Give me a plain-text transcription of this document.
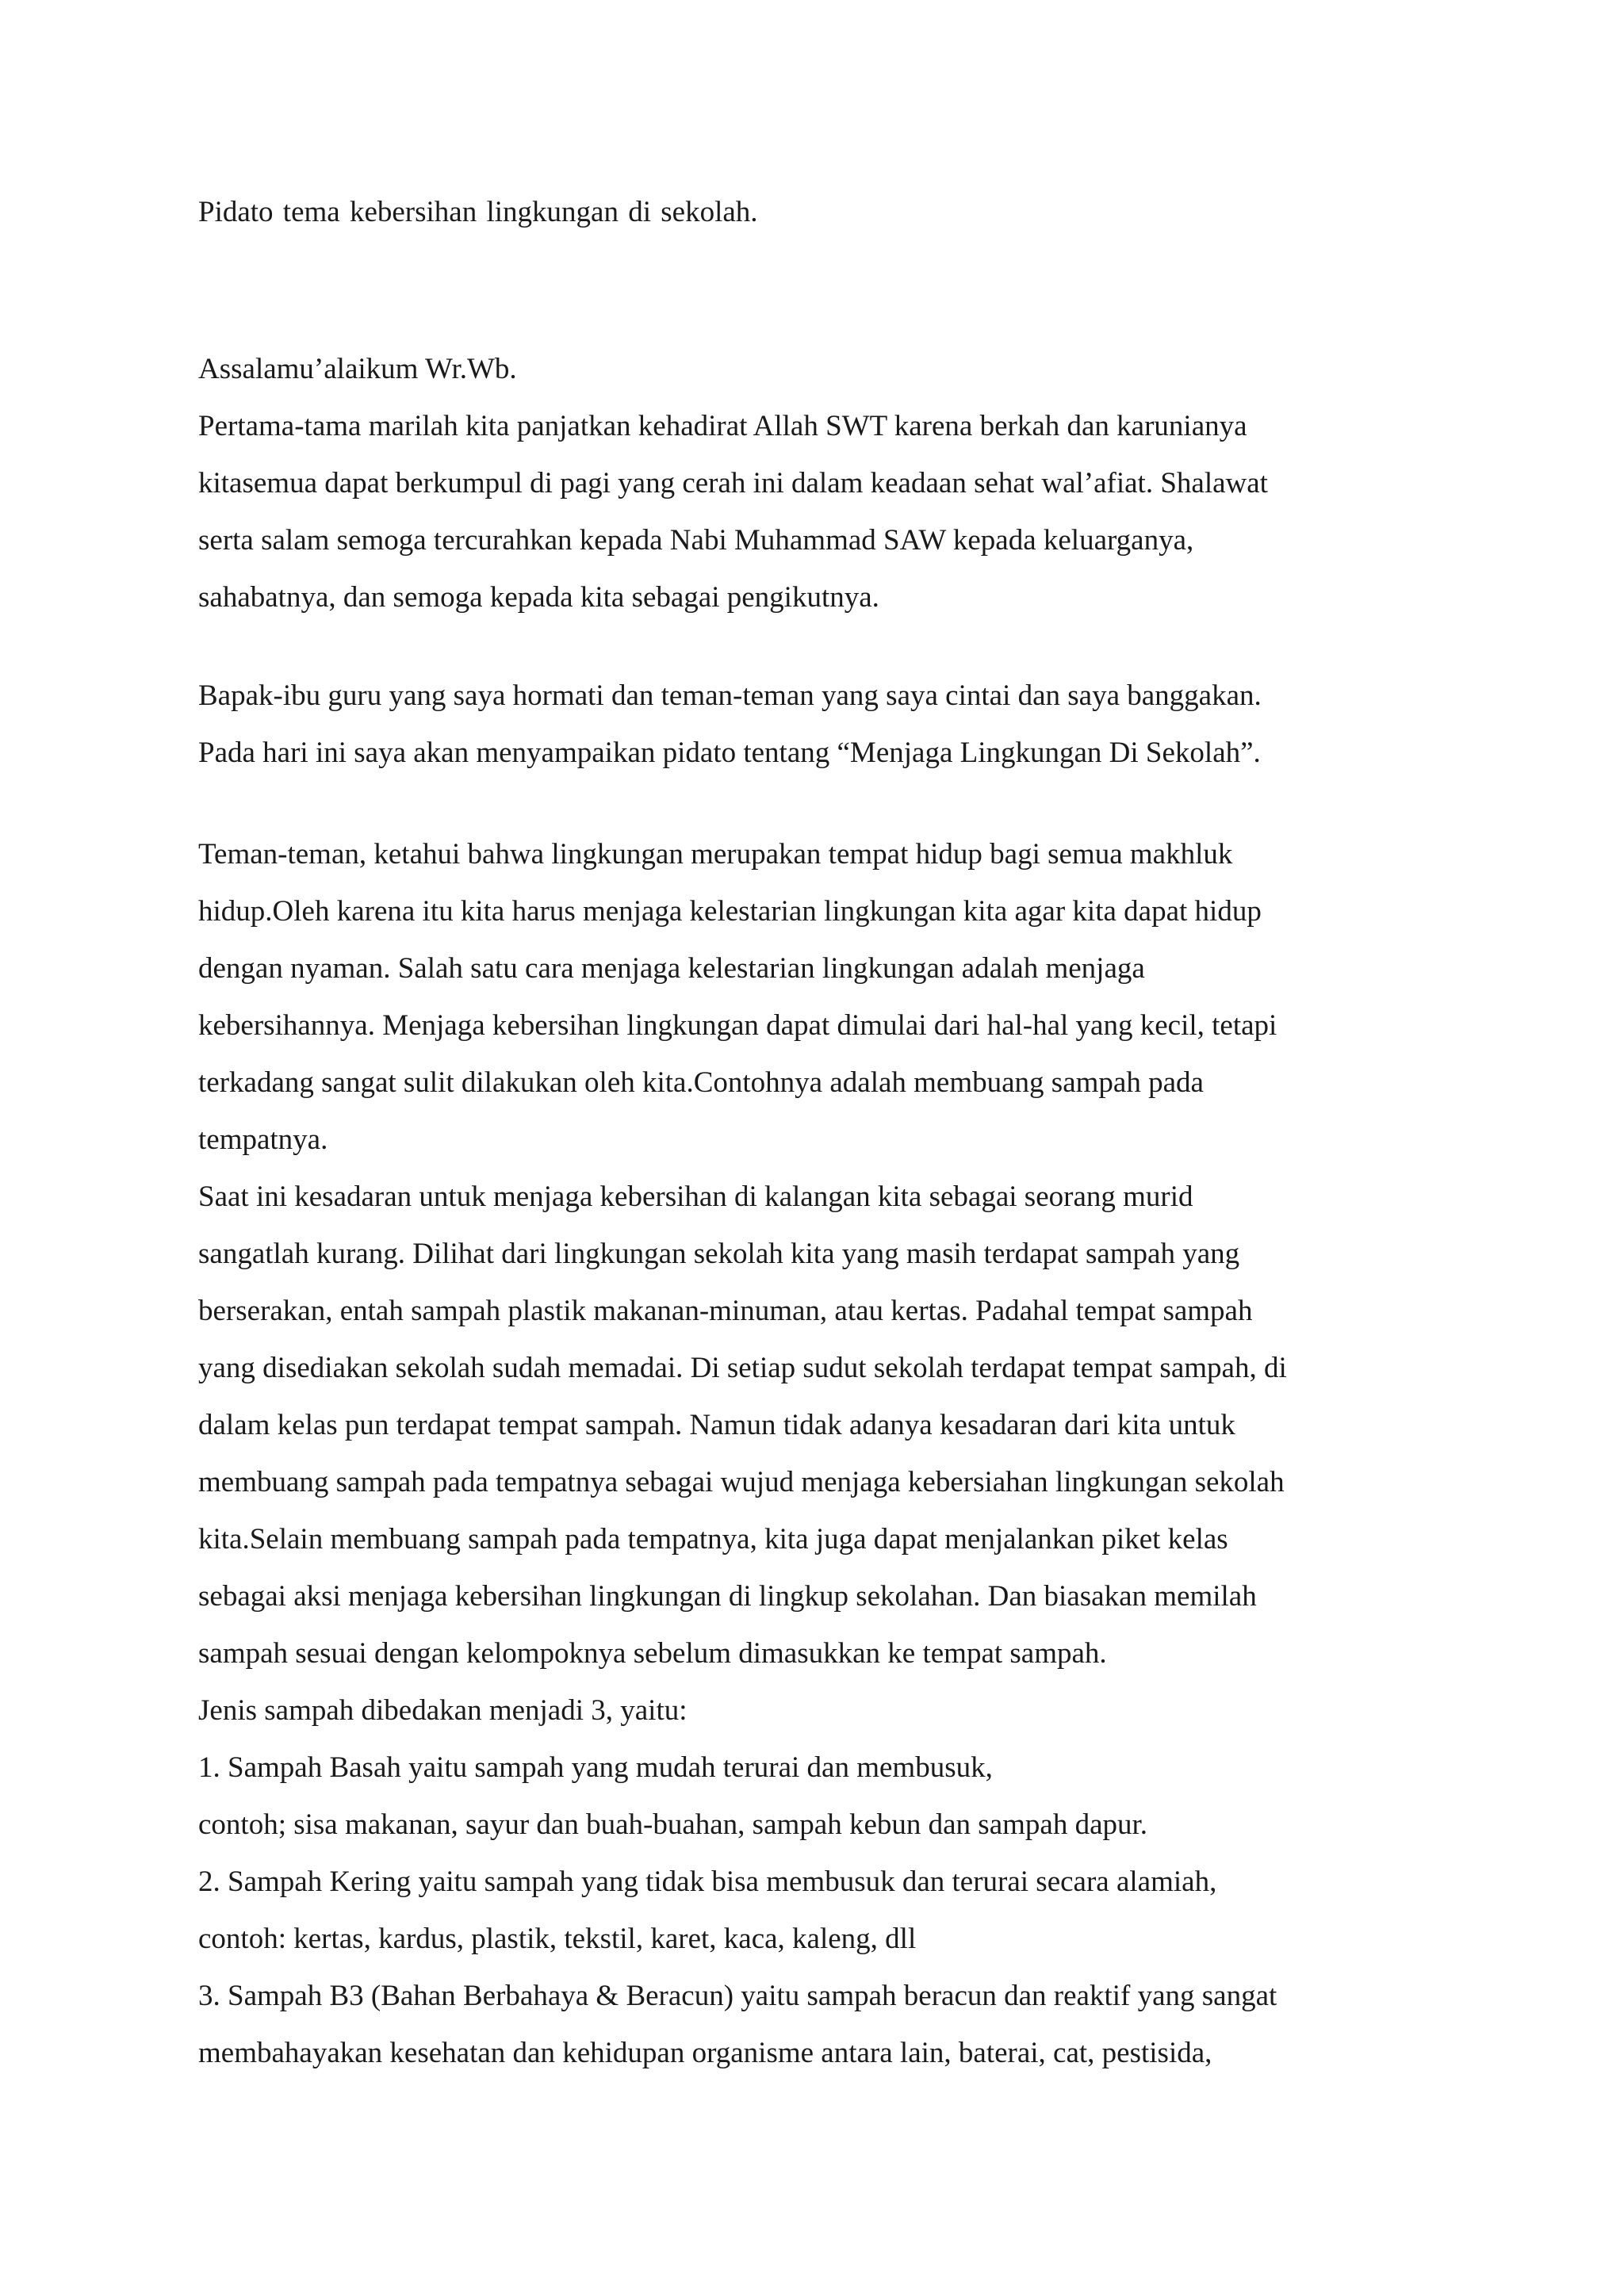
Pidato tema kebersihan lingkungan di sekolah.
Assalamu’alaikum Wr.Wb.
Pertama-tama marilah kita panjatkan kehadirat Allah SWT karena berkah dan karunianya
kitasemua dapat berkumpul di pagi yang cerah ini dalam keadaan sehat wal’afiat. Shalawat
serta salam semoga tercurahkan kepada Nabi Muhammad SAW kepada keluarganya,
sahabatnya, dan semoga kepada kita sebagai pengikutnya.
Bapak-ibu guru yang saya hormati dan teman-teman yang saya cintai dan saya banggakan.
Pada hari ini saya akan menyampaikan pidato tentang “Menjaga Lingkungan Di Sekolah”.
Teman-teman, ketahui bahwa lingkungan merupakan tempat hidup bagi semua makhluk
hidup.Oleh karena itu kita harus menjaga kelestarian lingkungan kita agar kita dapat hidup
dengan nyaman. Salah satu cara menjaga kelestarian lingkungan adalah menjaga
kebersihannya. Menjaga kebersihan lingkungan dapat dimulai dari hal-hal yang kecil, tetapi
terkadang sangat sulit dilakukan oleh kita.Contohnya adalah membuang sampah pada
tempatnya.
Saat ini kesadaran untuk menjaga kebersihan di kalangan kita sebagai seorang murid
sangatlah kurang. Dilihat dari lingkungan sekolah kita yang masih terdapat sampah yang
berserakan, entah sampah plastik makanan-minuman, atau kertas. Padahal tempat sampah
yang disediakan sekolah sudah memadai. Di setiap sudut sekolah terdapat tempat sampah, di
dalam kelas pun terdapat tempat sampah. Namun tidak adanya kesadaran dari kita untuk
membuang sampah pada tempatnya sebagai wujud menjaga kebersiahan lingkungan sekolah
kita.Selain membuang sampah pada tempatnya, kita juga dapat menjalankan piket kelas
sebagai aksi menjaga kebersihan lingkungan di lingkup sekolahan. Dan biasakan memilah
sampah sesuai dengan kelompoknya sebelum dimasukkan ke tempat sampah.
Jenis sampah dibedakan menjadi 3, yaitu:
1. Sampah Basah yaitu sampah yang mudah terurai dan membusuk,
contoh; sisa makanan, sayur dan buah-buahan, sampah kebun dan sampah dapur.
2. Sampah Kering yaitu sampah yang tidak bisa membusuk dan terurai secara alamiah,
contoh: kertas, kardus, plastik, tekstil, karet, kaca, kaleng, dll
3. Sampah B3 (Bahan Berbahaya & Beracun) yaitu sampah beracun dan reaktif yang sangat
membahayakan kesehatan dan kehidupan organisme antara lain, baterai, cat, pestisida,
